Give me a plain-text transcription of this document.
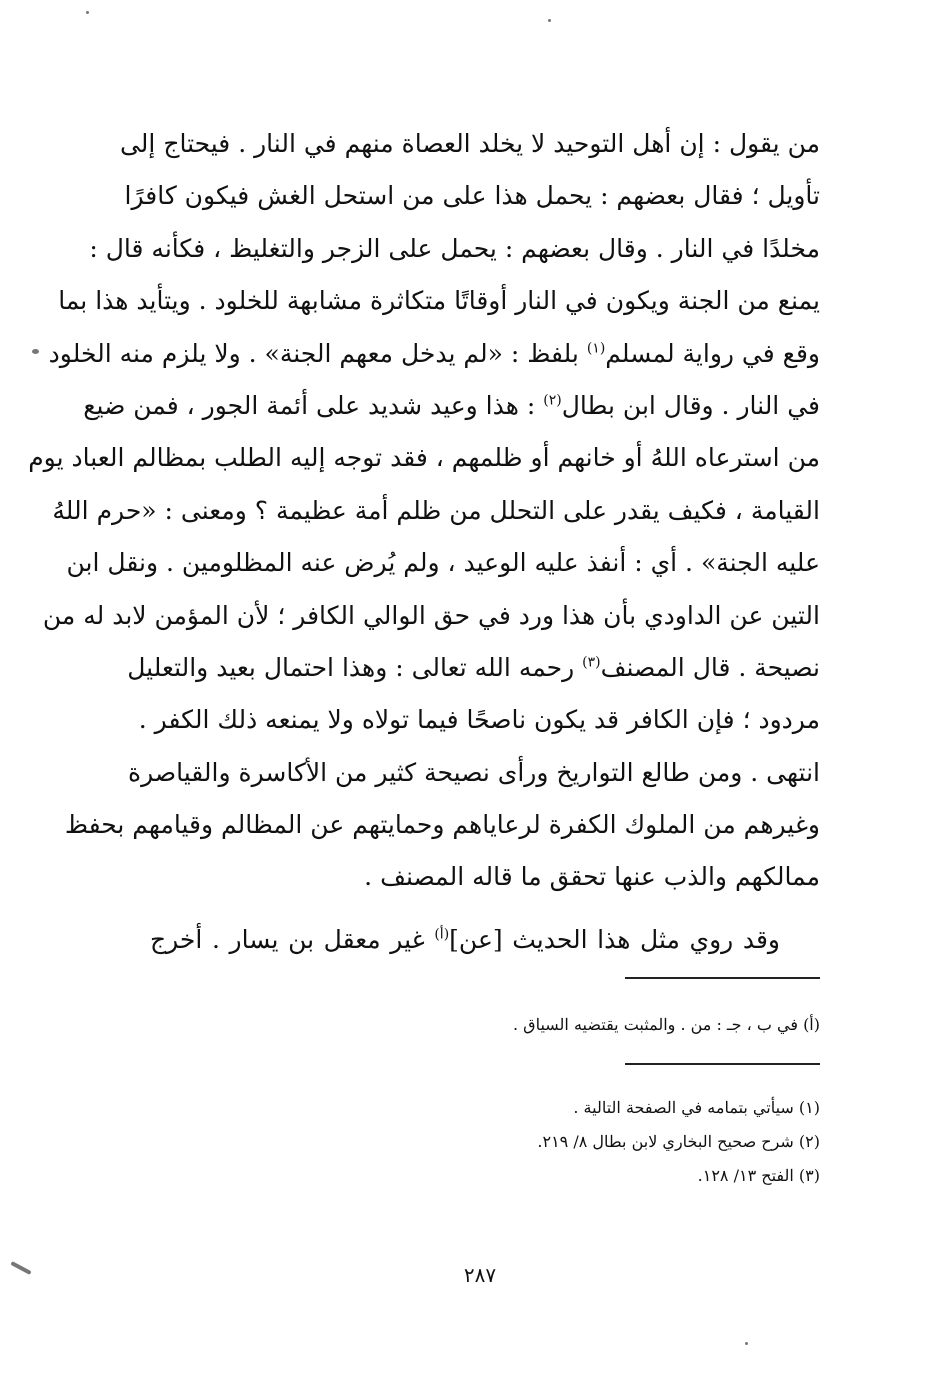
من يقول : إن أهل التوحيد لا يخلد العصاة منهم في النار . فيحتاج إلى
تأويل ؛ فقال بعضهم : يحمل هذا على من استحل الغش فيكون كافرًا
مخلدًا في النار . وقال بعضهم : يحمل على الزجر والتغليظ ، فكأنه قال :
يمنع من الجنة ويكون في النار أوقاتًا متكاثرة مشابهة للخلود . ويتأيد هذا بما
وقع في رواية لمسلم$^{(١)}$ بلفظ : «لم يدخل معهم الجنة» . ولا يلزم منه الخلود
في النار . وقال ابن بطال$^{(٢)}$ : هذا وعيد شديد على أئمة الجور ، فمن ضيع
من استرعاه اللهُ أو خانهم أو ظلمهم ، فقد توجه إليه الطلب بمظالم العباد يوم
القيامة ، فكيف يقدر على التحلل من ظلم أمة عظيمة ؟ ومعنى : «حرم اللهُ
عليه الجنة» . أي : أنفذ عليه الوعيد ، ولم يُرض عنه المظلومين . ونقل ابن
التين عن الداودي بأن هذا ورد في حق الوالي الكافر ؛ لأن المؤمن لابد له من
نصيحة . قال المصنف$^{(٣)}$ رحمه الله تعالى : وهذا احتمال بعيد والتعليل
مردود ؛ فإن الكافر قد يكون ناصحًا فيما تولاه ولا يمنعه ذلك الكفر .
انتهى . ومن طالع التواريخ ورأى نصيحة كثير من الأكاسرة والقياصرة
وغيرهم من الملوك الكفرة لرعاياهم وحمايتهم عن المظالم وقيامهم بحفظ
ممالكهم والذب عنها تحقق ما قاله المصنف .
وقد روي مثل هذا الحديث [عن]$^{(أ)}$ غير معقل بن يسار . أخرج
(أ) في ب ، جـ : من . والمثبت يقتضيه السياق .
(١) سيأتي بتمامه في الصفحة التالية .
(٢) شرح صحيح البخاري لابن بطال ٨/ ٢١٩.
(٣) الفتح ١٣/ ١٢٨.
٢٨٧
